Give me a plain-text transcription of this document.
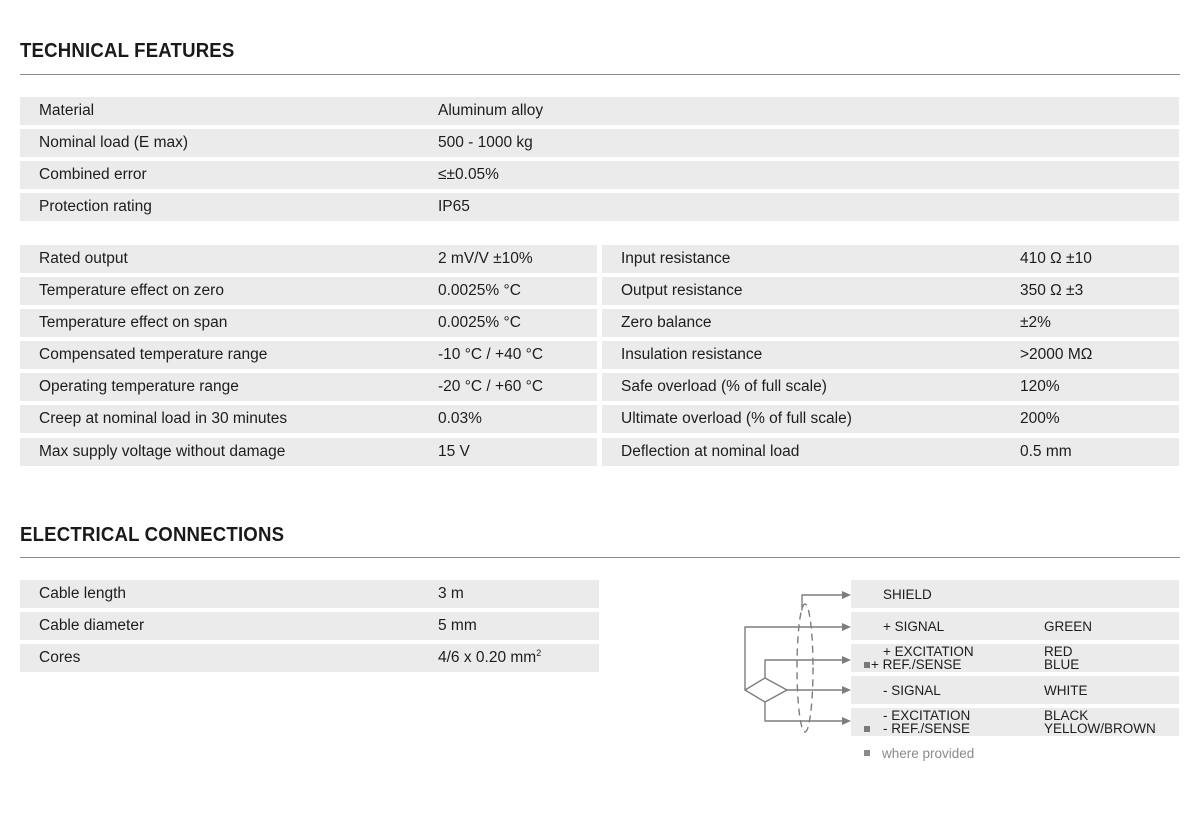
TECHNICAL FEATURES
Material	Aluminum alloy
Nominal load (E max)	500 - 1000 kg
Combined error	≤±0.05%
Protection rating	IP65
Rated output	2 mV/V ±10%
Temperature effect on zero	0.0025% °C
Temperature effect on span	0.0025% °C
Compensated temperature range	-10 °C / +40 °C
Operating temperature range	-20 °C / +60 °C
Creep at nominal load in 30 minutes	0.03%
Max supply voltage without damage	15 V
Input resistance	410 Ω ±10
Output resistance	350 Ω ±3
Zero balance	±2%
Insulation resistance	>2000 MΩ
Safe overload (% of full scale)	120%
Ultimate overload (% of full scale)	200%
Deflection at nominal load	0.5 mm
ELECTRICAL CONNECTIONS
Cable length	3 m
Cable diameter	5 mm
Cores	4/6 x 0.20 $mm^2$
SHIELD
+ SIGNAL	GREEN
+ EXCITATION	RED
+ REF./SENSE	BLUE
- SIGNAL	WHITE
- EXCITATION	BLACK
- REF./SENSE	YELLOW/BROWN
where provided
